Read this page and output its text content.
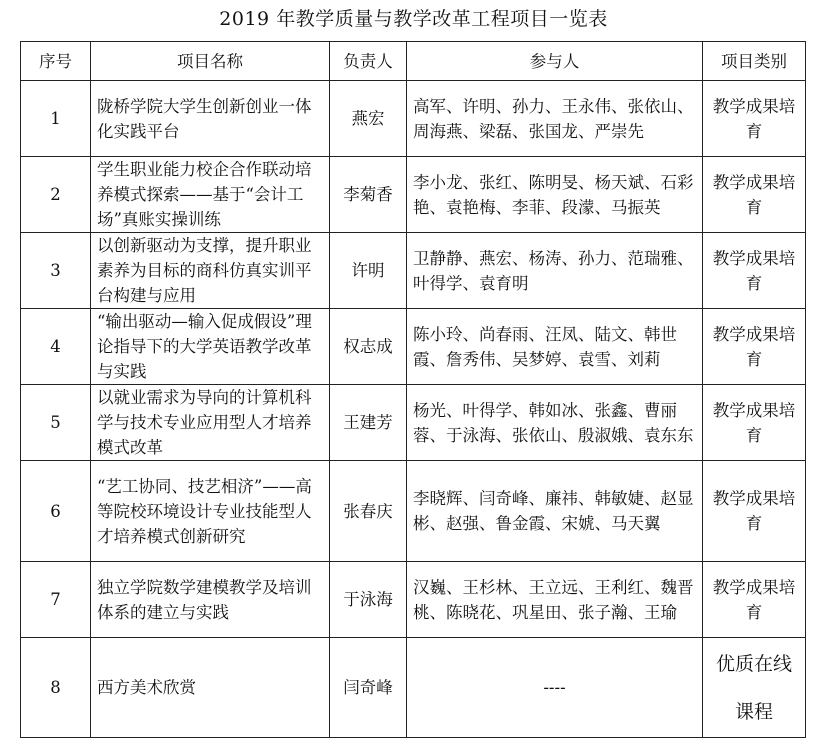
2019 年教学质量与教学改革工程项目一览表
序号	项目名称	负责人	参与人	项目类别
1	陇桥学院大学生创新创业一体化实践平台	燕宏	高军、许明、孙力、王永伟、张依山、周海燕、梁磊、张国龙、严崇先	教学成果培育
2	学生职业能力校企合作联动培养模式探索——基于“会计工场”真账实操训练	李菊香	李小龙、张红、陈明旻、杨天斌、石彩艳、袁艳梅、李菲、段濛、马振英	教学成果培育
3	以创新驱动为支撑，提升职业素养为目标的商科仿真实训平台构建与应用	许明	卫静静、燕宏、杨涛、孙力、范瑞雅、叶得学、袁育明	教学成果培育
4	“输出驱动—输入促成假设”理论指导下的大学英语教学改革与实践	权志成	陈小玲、尚春雨、汪凤、陆文、韩世霞、詹秀伟、吴梦婷、袁雪、刘莉	教学成果培育
5	以就业需求为导向的计算机科学与技术专业应用型人才培养模式改革	王建芳	杨光、叶得学、韩如冰、张鑫、曹丽蓉、于泳海、张依山、殷淑娥、袁东东	教学成果培育
6	“艺工协同、技艺相济”——高等院校环境设计专业技能型人才培养模式创新研究	张春庆	李晓辉、闫奇峰、廉祎、韩敏婕、赵显彬、赵强、鲁金霞、宋婋、马天翼	教学成果培育
7	独立学院数学建模教学及培训体系的建立与实践	于泳海	汉巍、王杉林、王立远、王利红、魏晋桃、陈晓花、巩星田、张子瀚、王瑜	教学成果培育
8	西方美术欣赏	闫奇峰	----	优质在线课程
